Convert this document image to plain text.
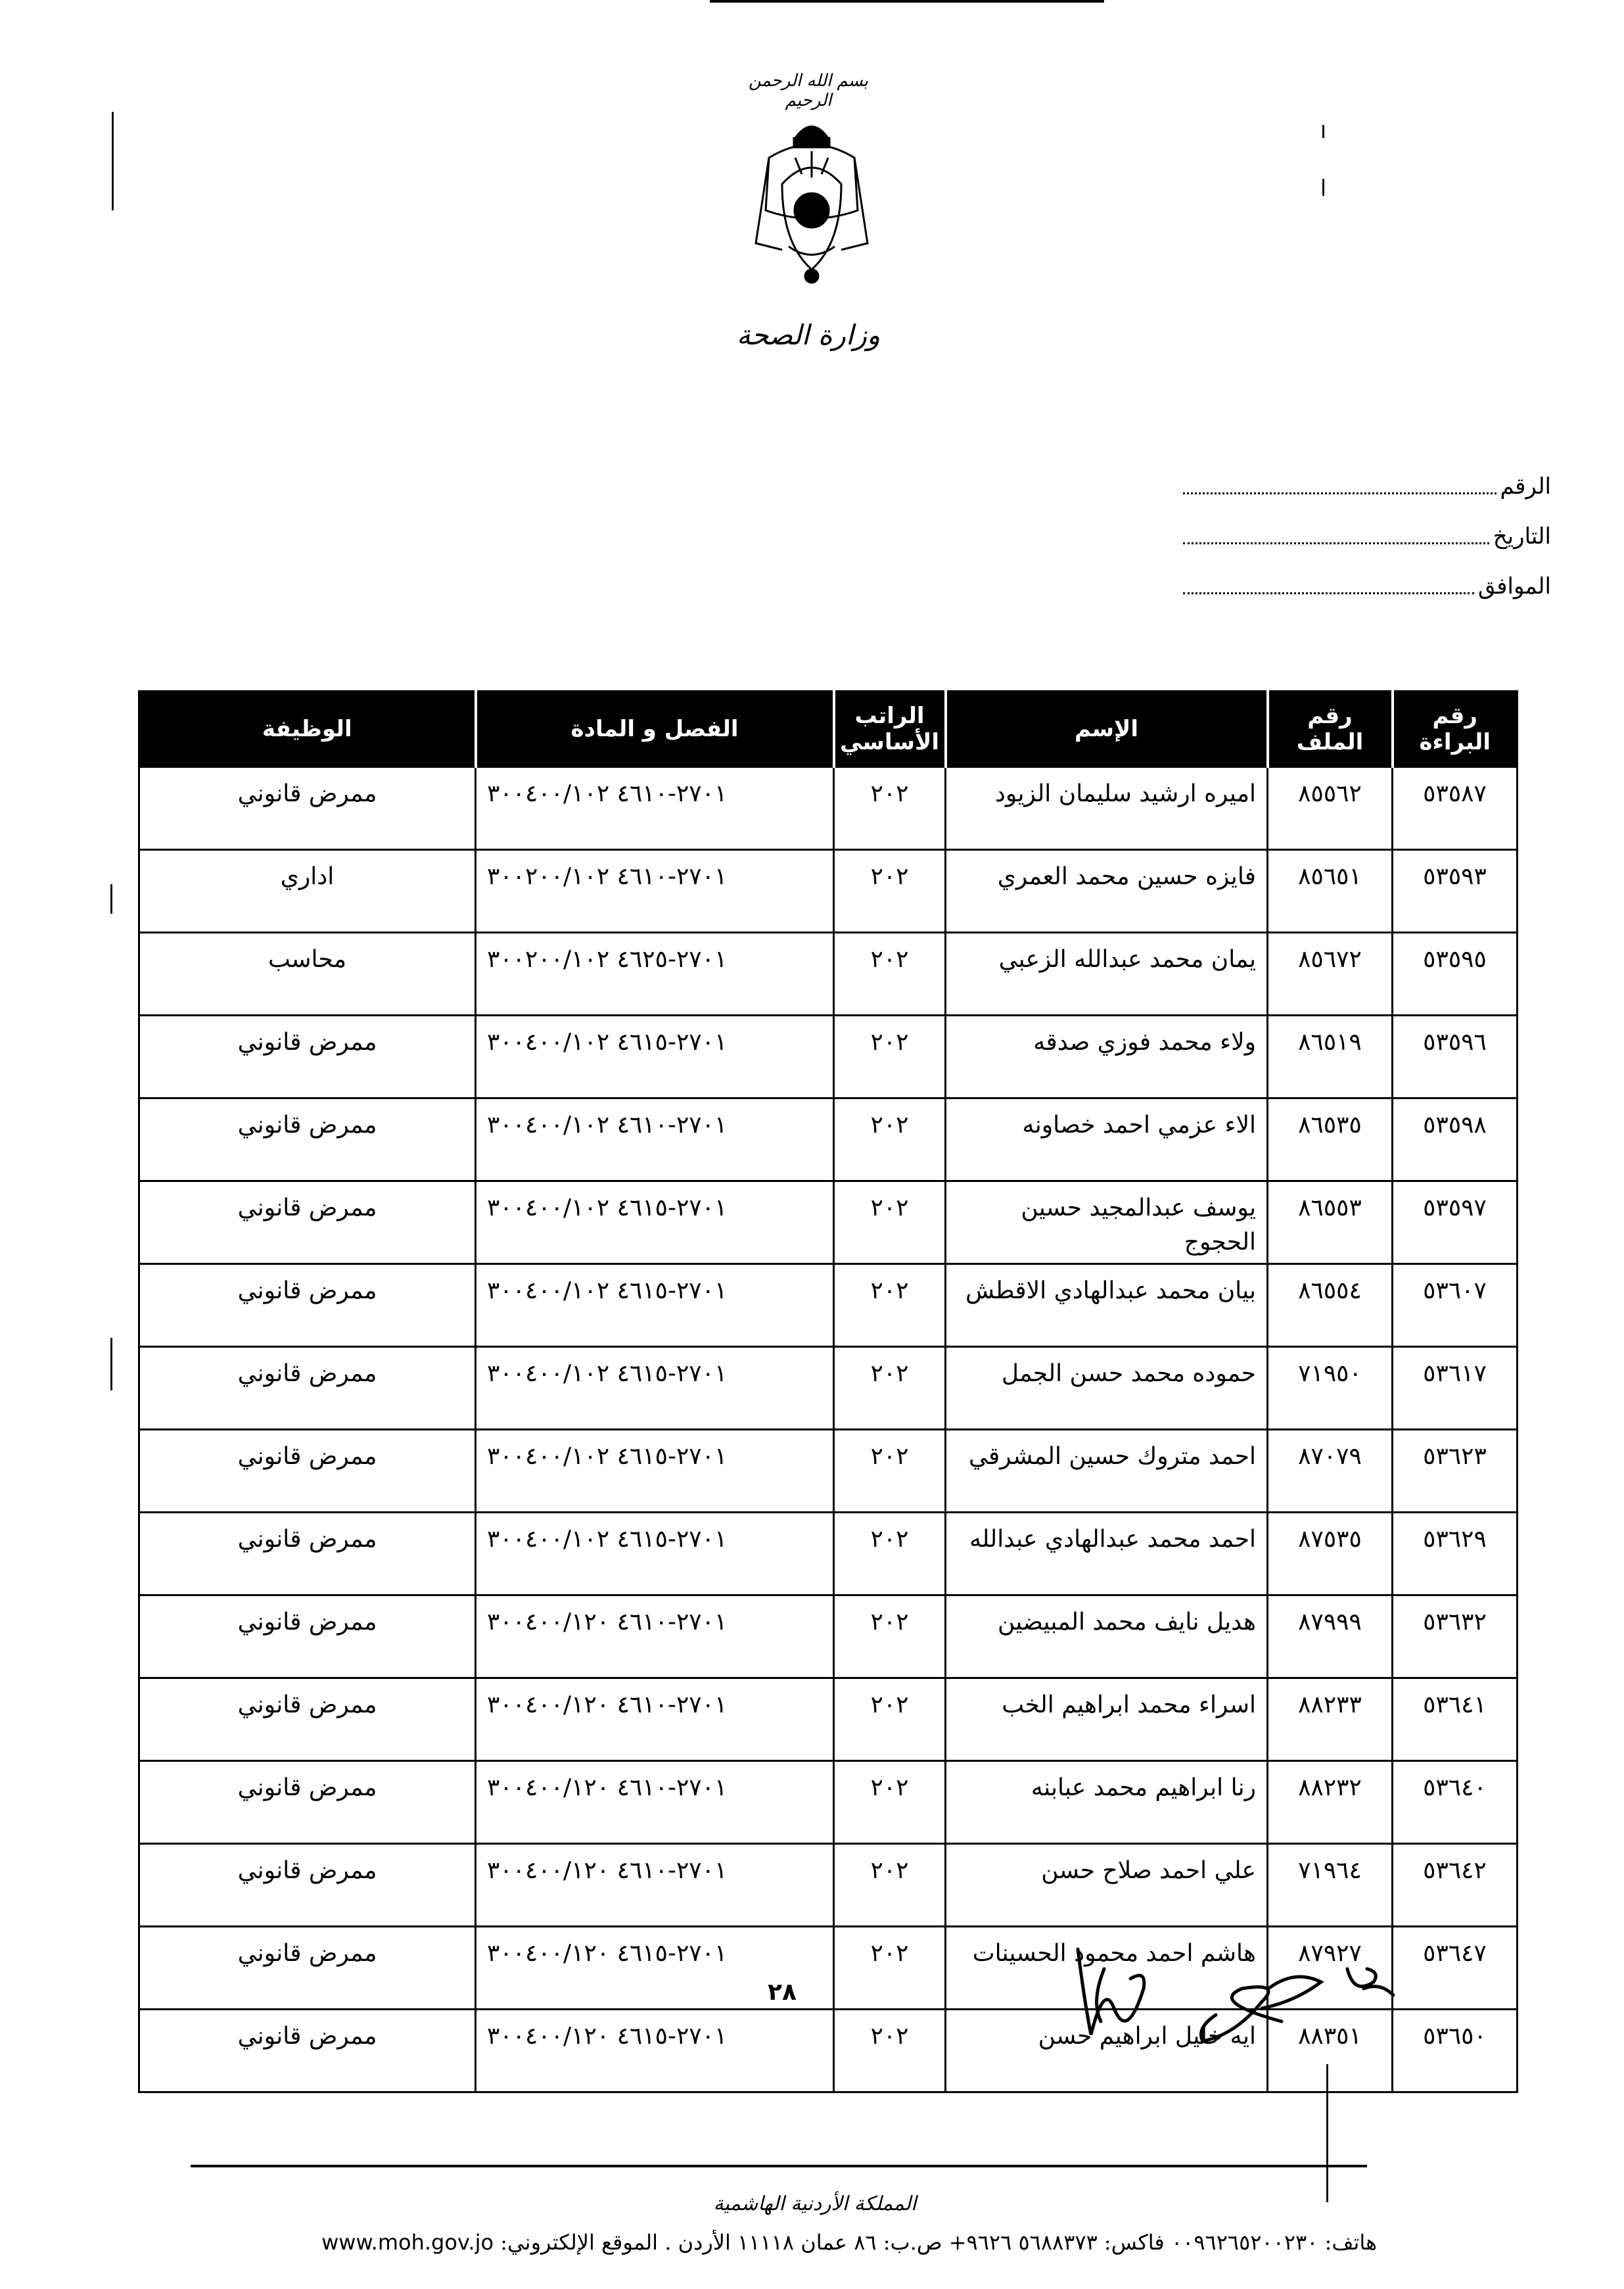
بسم الله الرحمن الرحيم
وزارة الصحة
الرقم
التاريخ
الموافق
رقم البراءة	رقم الملف	الإسم	الراتب الأساسي	الفصل و المادة	الوظيفة
٥٣٥٨٧	٨٥٥٦٢	اميره ارشيد سليمان الزيود	٢٠٢	٢٧٠١-٤٦١٠ ٣٠٠٤٠٠/١٠٢	ممرض قانوني
٥٣٥٩٣	٨٥٦٥١	فايزه حسين محمد العمري	٢٠٢	٢٧٠١-٤٦١٠ ٣٠٠٢٠٠/١٠٢	اداري
٥٣٥٩٥	٨٥٦٧٢	يمان محمد عبدالله الزعبي	٢٠٢	٢٧٠١-٤٦٢٥ ٣٠٠٢٠٠/١٠٢	محاسب
٥٣٥٩٦	٨٦٥١٩	ولاء محمد فوزي صدقه	٢٠٢	٢٧٠١-٤٦١٥ ٣٠٠٤٠٠/١٠٢	ممرض قانوني
٥٣٥٩٨	٨٦٥٣٥	الاء عزمي احمد خصاونه	٢٠٢	٢٧٠١-٤٦١٠ ٣٠٠٤٠٠/١٠٢	ممرض قانوني
٥٣٥٩٧	٨٦٥٥٣	يوسف عبدالمجيد حسين الحجوج	٢٠٢	٢٧٠١-٤٦١٥ ٣٠٠٤٠٠/١٠٢	ممرض قانوني
٥٣٦٠٧	٨٦٥٥٤	بيان محمد عبدالهادي الاقطش	٢٠٢	٢٧٠١-٤٦١٥ ٣٠٠٤٠٠/١٠٢	ممرض قانوني
٥٣٦١٧	٧١٩٥٠	حموده محمد حسن الجمل	٢٠٢	٢٧٠١-٤٦١٥ ٣٠٠٤٠٠/١٠٢	ممرض قانوني
٥٣٦٢٣	٨٧٠٧٩	احمد متروك حسين المشرقي	٢٠٢	٢٧٠١-٤٦١٥ ٣٠٠٤٠٠/١٠٢	ممرض قانوني
٥٣٦٢٩	٨٧٥٣٥	احمد محمد عبدالهادي عبدالله	٢٠٢	٢٧٠١-٤٦١٥ ٣٠٠٤٠٠/١٠٢	ممرض قانوني
٥٣٦٣٢	٨٧٩٩٩	هديل نايف محمد المبيضين	٢٠٢	٢٧٠١-٤٦١٠ ٣٠٠٤٠٠/١٢٠	ممرض قانوني
٥٣٦٤١	٨٨٢٣٣	اسراء محمد ابراهيم الخب	٢٠٢	٢٧٠١-٤٦١٠ ٣٠٠٤٠٠/١٢٠	ممرض قانوني
٥٣٦٤٠	٨٨٢٣٢	رنا ابراهيم محمد عبابنه	٢٠٢	٢٧٠١-٤٦١٠ ٣٠٠٤٠٠/١٢٠	ممرض قانوني
٥٣٦٤٢	٧١٩٦٤	علي احمد صلاح حسن	٢٠٢	٢٧٠١-٤٦١٠ ٣٠٠٤٠٠/١٢٠	ممرض قانوني
٥٣٦٤٧	٨٧٩٢٧	هاشم احمد محمود الحسينات	٢٠٢	٢٧٠١-٤٦١٥ ٣٠٠٤٠٠/١٢٠	ممرض قانوني
٥٣٦٥٠	٨٨٣٥١	ايه خليل ابراهيم حسن	٢٠٢	٢٧٠١-٤٦١٥ ٣٠٠٤٠٠/١٢٠	ممرض قانوني
٢٨
المملكة الأردنية الهاشمية
هاتف: ٠٠٩٦٢٦٥٢٠٠٢٣٠ فاكس: ٥٦٨٨٣٧٣ ٩٦٢٦+ ص.ب: ٨٦ عمان ١١١١٨ الأردن . الموقع الإلكتروني: www.moh.gov.jo
